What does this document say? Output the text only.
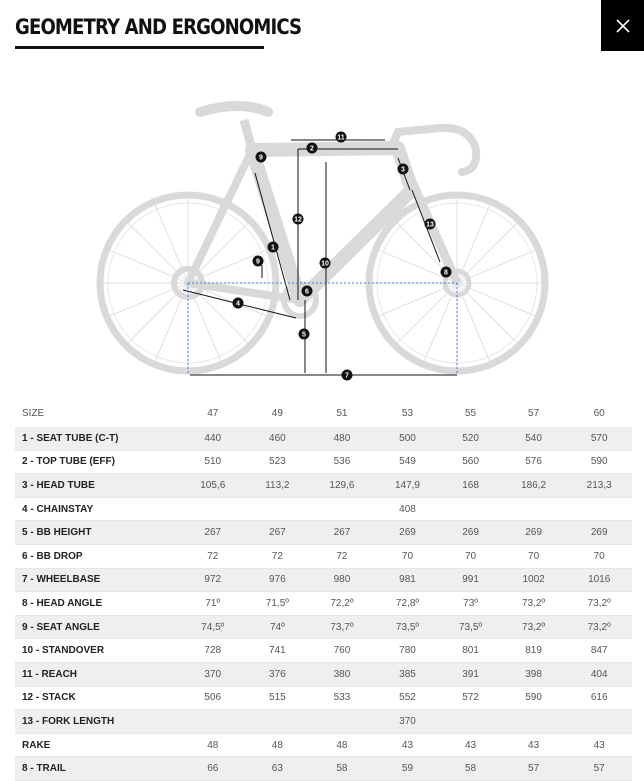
GEOMETRY AND ERGONOMICS
11
2
9
3
12
10
13
1
9
6
4
8
5
7
SIZE	47	49	51	53	55	57	60
1 - SEAT TUBE (C-T)	440	460	480	500	520	540	570
2 - TOP TUBE (EFF)	510	523	536	549	560	576	590
3 - HEAD TUBE	105,6	113,2	129,6	147,9	168	186,2	213,3
4 - CHAINSTAY				408			
5 - BB HEIGHT	267	267	267	269	269	269	269
6 - BB DROP	72	72	72	70	70	70	70
7 - WHEELBASE	972	976	980	981	991	1002	1016
8 - HEAD ANGLE	71º	71,5º	72,2º	72,8º	73º	73,2º	73,2º
9 - SEAT ANGLE	74,5º	74º	73,7º	73,5º	73,5º	73,2º	73,2º
10 - STANDOVER	728	741	760	780	801	819	847
11 - REACH	370	376	380	385	391	398	404
12 - STACK	506	515	533	552	572	590	616
13 - FORK LENGTH				370			
RAKE	48	48	48	43	43	43	43
8 - TRAIL	66	63	58	59	58	57	57
